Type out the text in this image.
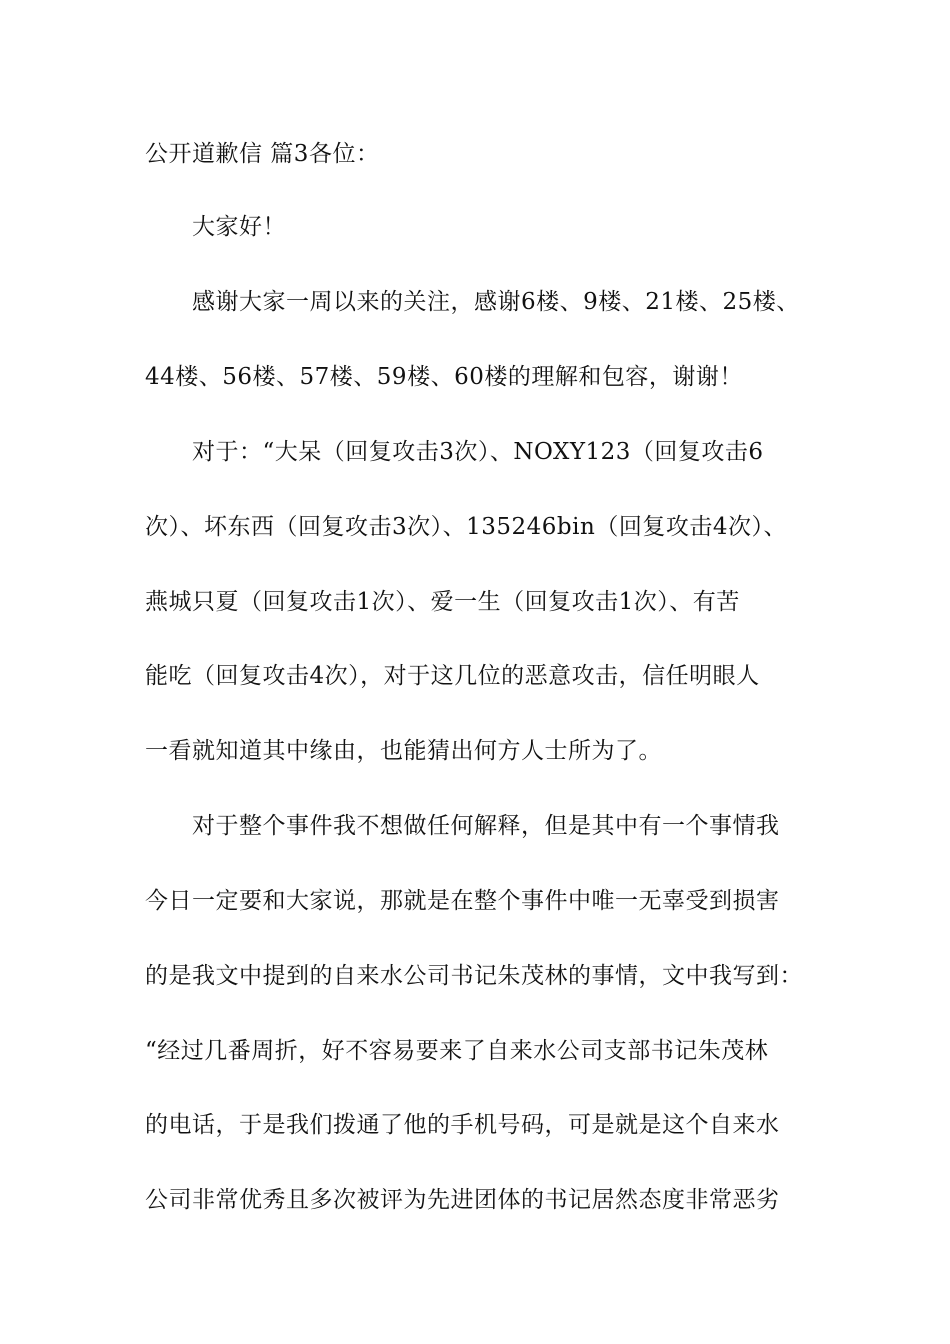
公开道歉信 篇3各位：
大家好！
感谢大家一周以来的关注，感谢6楼、9楼、21楼、25楼、
44楼、56楼、57楼、59楼、60楼的理解和包容，谢谢！
对于：“大呆（回复攻击3次）、NOXY123（回复攻击6
次）、坏东西（回复攻击3次）、135246bin（回复攻击4次）、
燕城只夏（回复攻击1次）、爱一生（回复攻击1次）、有苦
能吃（回复攻击4次），对于这几位的恶意攻击，信任明眼人
一看就知道其中缘由，也能猜出何方人士所为了。
对于整个事件我不想做任何解释，但是其中有一个事情我
今日一定要和大家说，那就是在整个事件中唯一无辜受到损害
的是我文中提到的自来水公司书记朱茂林的事情，文中我写到：
“经过几番周折，好不容易要来了自来水公司支部书记朱茂林
的电话，于是我们拨通了他的手机号码，可是就是这个自来水
公司非常优秀且多次被评为先进团体的书记居然态度非常恶劣
